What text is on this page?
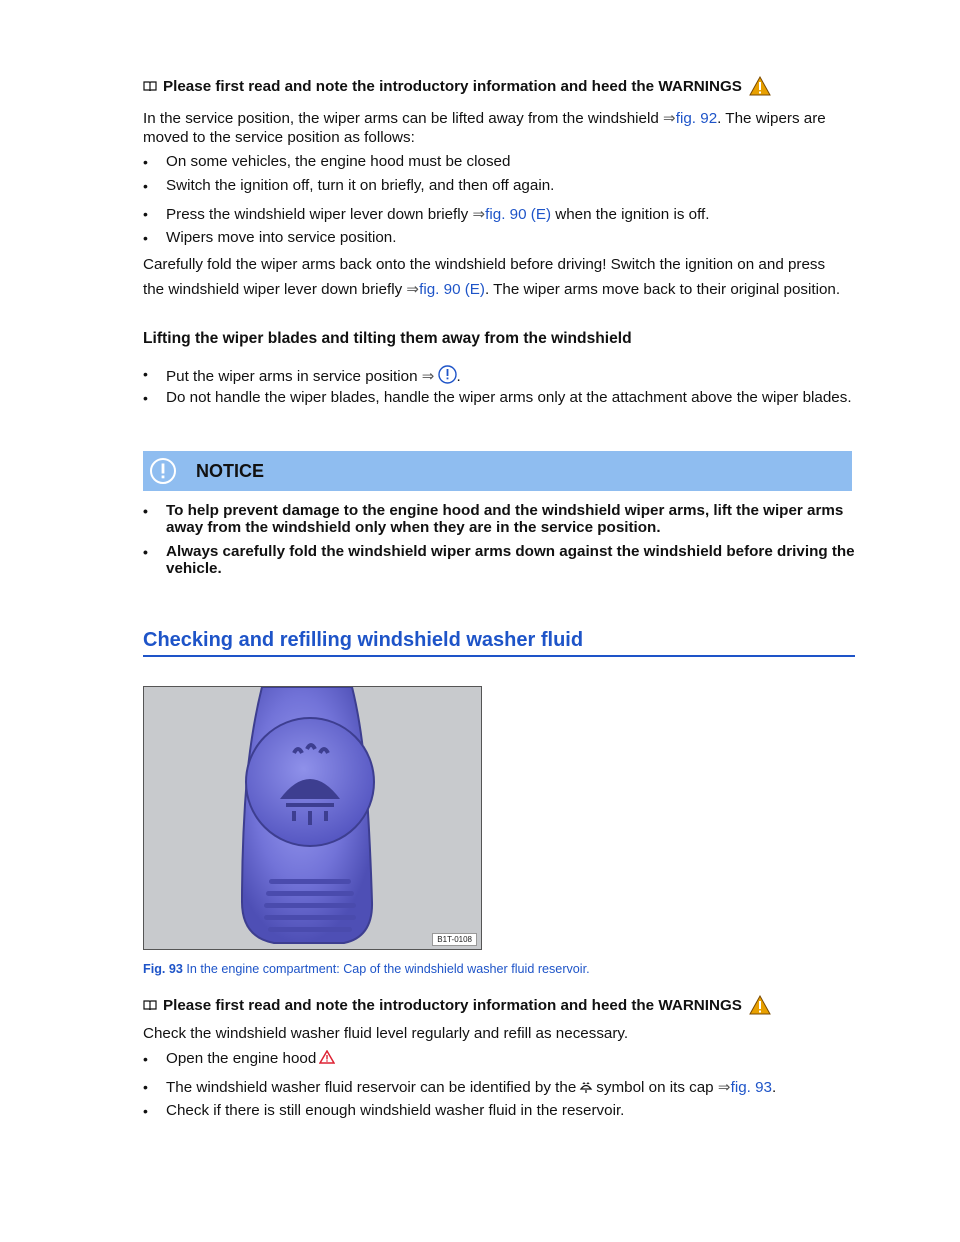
Please first read and note the introductory information and heed the WARNINGS

In the service position, the wiper arms can be lifted away from the windshield ⇒fig. 92. The wipers are moved to the service position as follows:

•	On some vehicles, the engine hood must be closed
•	Switch the ignition off, turn it on briefly, and then off again.
•	Press the windshield wiper lever down briefly ⇒fig. 90 (E) when the ignition is off.
•	Wipers move into service position.

Carefully fold the wiper arms back onto the windshield before driving! Switch the ignition on and press

the windshield wiper lever down briefly ⇒fig. 90 (E). The wiper arms move back to their original position.

Lifting the wiper blades and tilting them away from the windshield
•	Put the wiper arms in service position ⇒ .
•	Do not handle the wiper blades, handle the wiper arms only at the attachment above the wiper blades.
NOTICE
•	To help prevent damage to the engine hood and the windshield wiper arms, lift the wiper arms away from the windshield only when they are in the service position.
•	Always carefully fold the windshield wiper arms down against the windshield before driving the vehicle.
Checking and refilling windshield washer fluid
B1T-0108
Fig. 93 In the engine compartment: Cap of the windshield washer fluid reservoir.
Please first read and note the introductory information and heed the WARNINGS

Check the windshield washer fluid level regularly and refill as necessary.

•	Open the engine hood
•	The windshield washer fluid reservoir can be identified by the symbol on its cap ⇒fig. 93.
•	Check if there is still enough windshield washer fluid in the reservoir.
